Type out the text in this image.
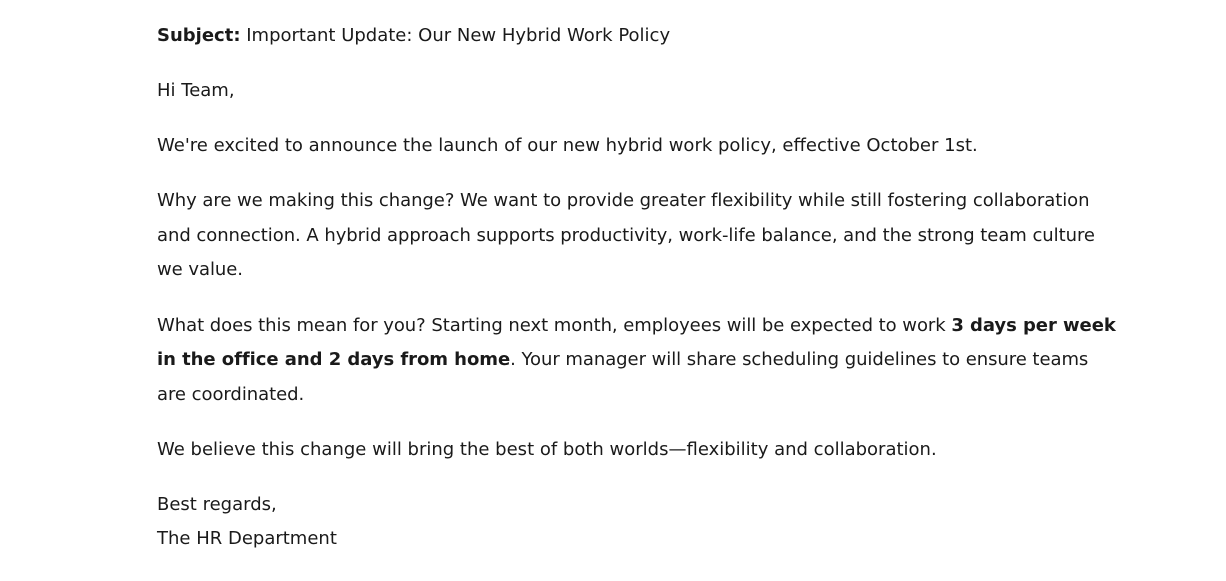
Subject: Important Update: Our New Hybrid Work Policy

Hi Team,

We're excited to announce the launch of our new hybrid work policy, effective October 1st.

Why are we making this change? We want to provide greater flexibility while still fostering collaboration and connection. A hybrid approach supports productivity, work-life balance, and the strong team culture we value.

What does this mean for you? Starting next month, employees will be expected to work 3 days per week in the office and 2 days from home. Your manager will share scheduling guidelines to ensure teams are coordinated.

We believe this change will bring the best of both worlds—flexibility and collaboration.

Best regards,

The HR Department
